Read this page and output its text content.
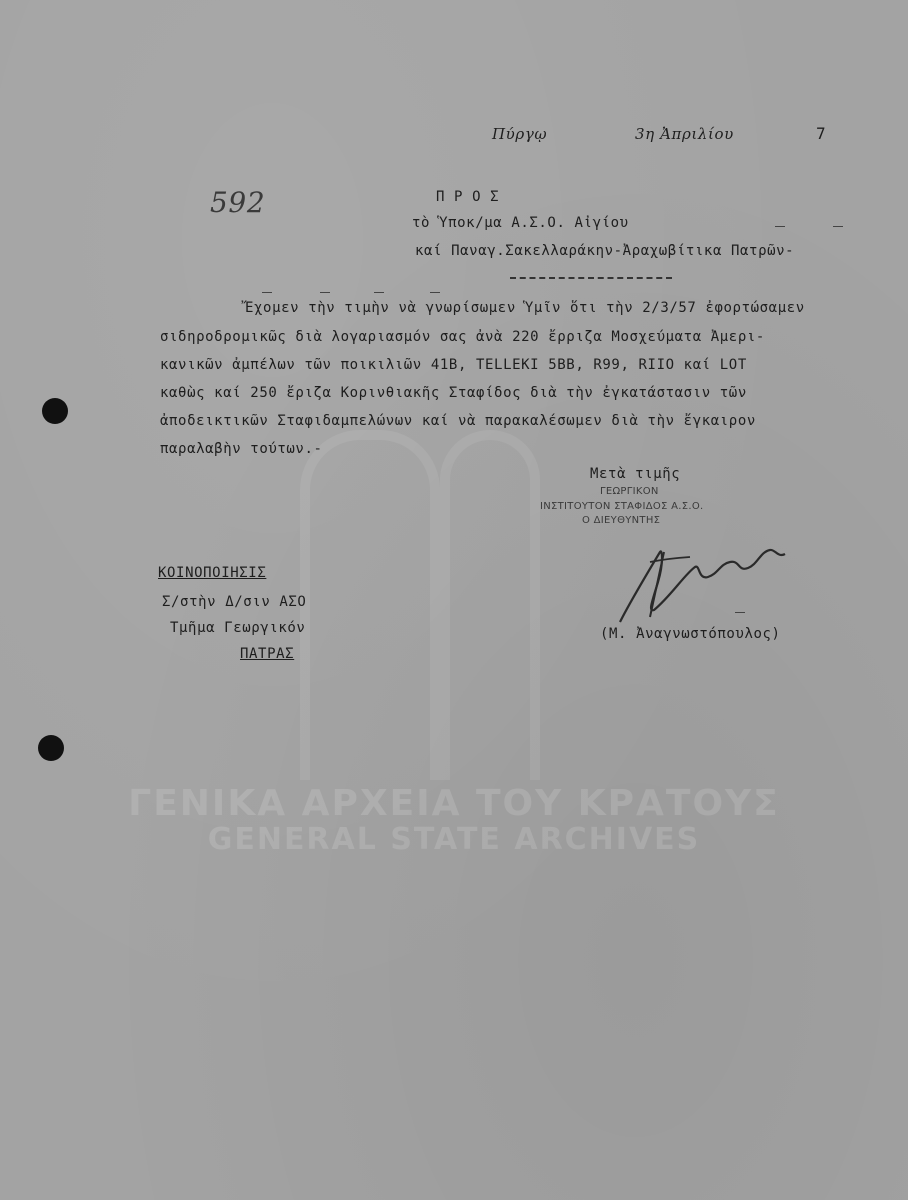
ΓΕΝΙΚΑ ΑΡΧΕΙΑ ΤΟΥ ΚΡΑΤΟΥΣ
GENERAL STATE ARCHIVES
Πύργῳ	3η Ἀπριλίου	7
592	Π Ρ Ο Σ
τὸ Ὑποκ/μα Α.Σ.Ο. Αἰγίου
καί Παναγ.Σακελλαράκην-Ἀραχωβίτικα Πατρῶν-
Ἔχομεν τὴν τιμὴν νὰ γνωρίσωμεν Ὑμῖν ὅτι τὴν 2/3/57 ἐφορτώσαμεν
σιδηροδρομικῶς διὰ λογαριασμόν σας ἀνὰ 220 ἔρριζα Μοσχεύματα Ἀμερι-
κανικῶν ἀμπέλων τῶν ποικιλιῶν 41Β, ΤELLEKI 5BB, R99, RIIO καί LOT
καθὼς καί 250 ἔριζα Κορινθιακῆς Σταφίδος διὰ τὴν ἐγκατάστασιν τῶν
ἀποδεικτικῶν Σταφιδαμπελώνων καί νὰ παρακαλέσωμεν διὰ τὴν ἔγκαιρον
παραλαβὴν τούτων.-
Μετὰ τιμῆς
ΓΕΩΡΓΙΚΟΝ
ΙΝΣΤΙΤΟΥΤΟΝ ΣΤΑΦΙΔΟΣ Α.Σ.Ο.
Ο ΔΙΕΥΘΥΝΤΗΣ
(Μ. Ἀναγνωστόπουλος)
ΚΟΙΝΟΠΟΙΗΣΙΣ
Σ/στὴν Δ/σιν ΑΣΟ
Τμῆμα Γεωργικόν
ΠΑΤΡΑΣ
